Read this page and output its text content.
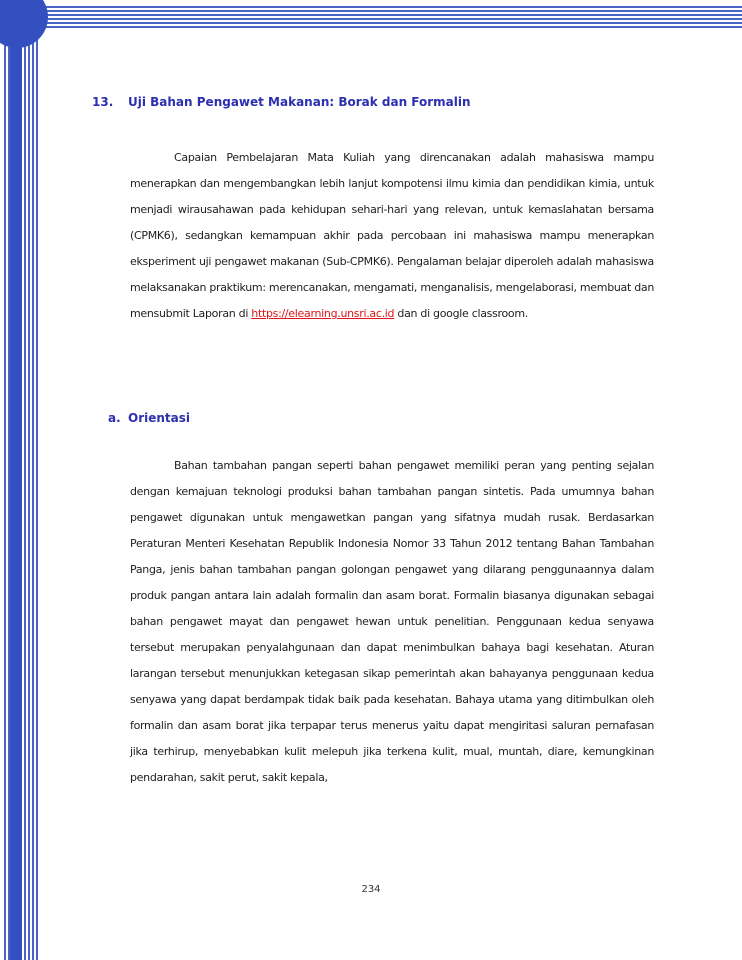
13. Uji Bahan Pengawet Makanan: Borak dan Formalin
Capaian Pembelajaran Mata Kuliah yang direncanakan adalah mahasiswa mampu menerapkan dan mengembangkan lebih lanjut kompotensi ilmu kimia dan pendidikan kimia, untuk menjadi wirausahawan pada kehidupan sehari-hari yang relevan, untuk kemaslahatan bersama (CPMK6), sedangkan kemampuan akhir pada percobaan ini mahasiswa mampu menerapkan eksperiment uji pengawet makanan (Sub-CPMK6). Pengalaman belajar diperoleh adalah mahasiswa melaksanakan praktikum: merencanakan, mengamati, menganalisis, mengelaborasi, membuat dan mensubmit Laporan di https://elearning.unsri.ac.id dan di google classroom.
a. Orientasi
Bahan tambahan pangan seperti bahan pengawet memiliki peran yang penting sejalan dengan kemajuan teknologi produksi bahan tambahan pangan sintetis. Pada umumnya bahan pengawet digunakan untuk mengawetkan pangan yang sifatnya mudah rusak. Berdasarkan Peraturan Menteri Kesehatan Republik Indonesia Nomor 33 Tahun 2012 tentang Bahan Tambahan Panga, jenis bahan tambahan pangan golongan pengawet yang dilarang penggunaannya dalam produk pangan antara lain adalah formalin dan asam borat. Formalin biasanya digunakan sebagai bahan pengawet mayat dan pengawet hewan untuk penelitian. Penggunaan kedua senyawa tersebut merupakan penyalahgunaan dan dapat menimbulkan bahaya bagi kesehatan. Aturan larangan tersebut menunjukkan ketegasan sikap pemerintah akan bahayanya penggunaan kedua senyawa yang dapat berdampak tidak baik pada kesehatan. Bahaya utama yang ditimbulkan oleh formalin dan asam borat jika terpapar terus menerus yaitu dapat mengiritasi saluran pernafasan jika terhirup, menyebabkan kulit melepuh jika terkena kulit, mual, muntah, diare, kemungkinan pendarahan, sakit perut, sakit kepala,
234
